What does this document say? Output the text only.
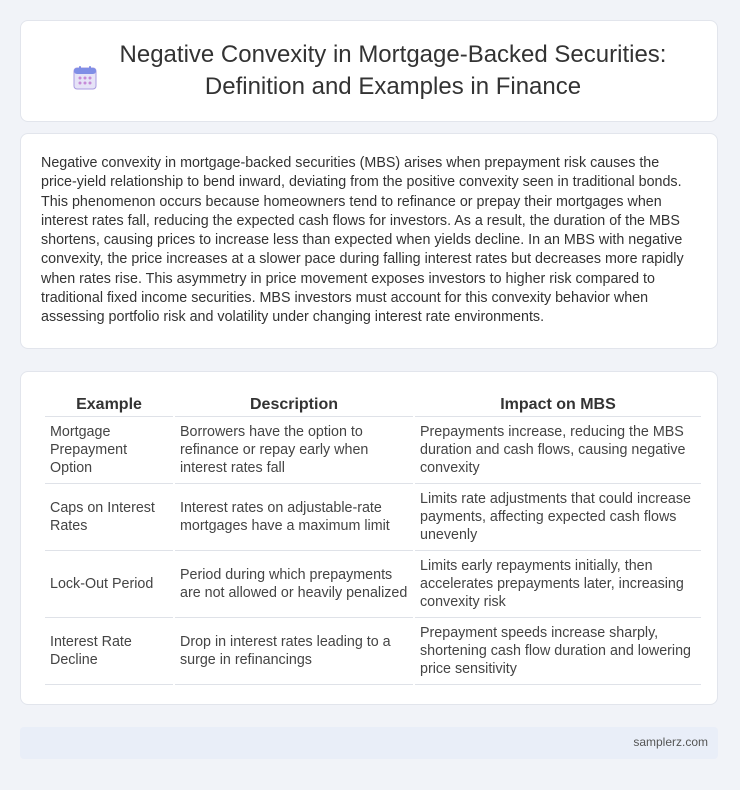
Negative Convexity in Mortgage-Backed Securities:
Definition and Examples in Finance

Negative convexity in mortgage-backed securities (MBS) arises when prepayment risk causes the price-yield relationship to bend inward, deviating from the positive convexity seen in traditional bonds. This phenomenon occurs because homeowners tend to refinance or prepay their mortgages when interest rates fall, reducing the expected cash flows for investors. As a result, the duration of the MBS shortens, causing prices to increase less than expected when yields decline. In an MBS with negative convexity, the price increases at a slower pace during falling interest rates but decreases more rapidly when rates rise. This asymmetry in price movement exposes investors to higher risk compared to traditional fixed income securities. MBS investors must account for this convexity behavior when assessing portfolio risk and volatility under changing interest rate environments.

Example	Description	Impact on MBS
Mortgage Prepayment Option	Borrowers have the option to refinance or repay early when interest rates fall	Prepayments increase, reducing the MBS duration and cash flows, causing negative convexity
Caps on Interest Rates	Interest rates on adjustable-rate mortgages have a maximum limit	Limits rate adjustments that could increase payments, affecting expected cash flows unevenly
Lock-Out Period	Period during which prepayments are not allowed or heavily penalized	Limits early repayments initially, then accelerates prepayments later, increasing convexity risk
Interest Rate Decline	Drop in interest rates leading to a surge in refinancings	Prepayment speeds increase sharply, shortening cash flow duration and lowering price sensitivity
samplerz.com
